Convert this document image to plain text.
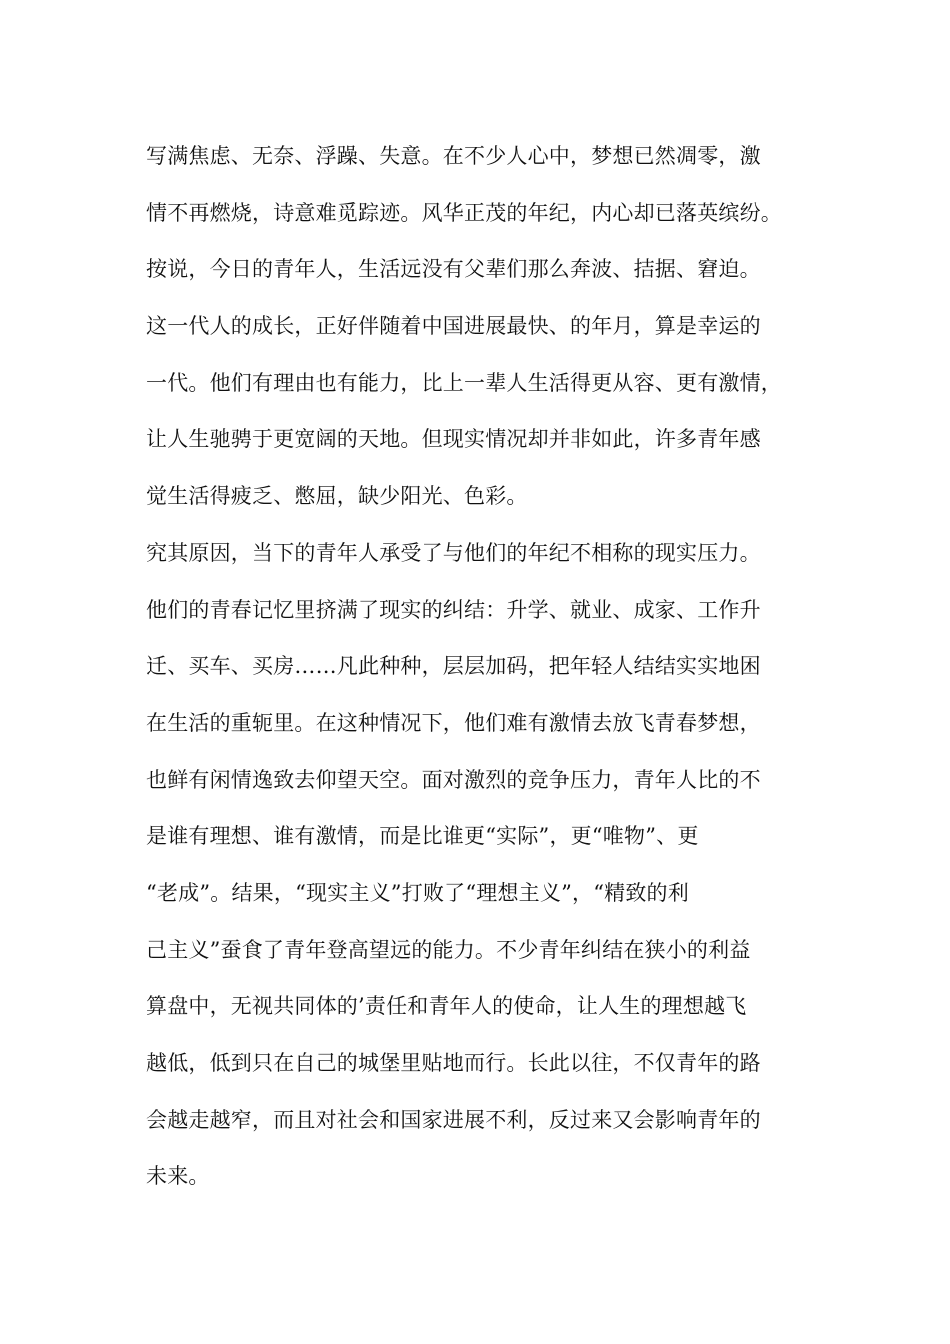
写满焦虑、无奈、浮躁、失意。在不少人心中，梦想已然凋零，激
情不再燃烧，诗意难觅踪迹。风华正茂的年纪，内心却已落英缤纷。
按说，今日的青年人，生活远没有父辈们那么奔波、拮据、窘迫。
这一代人的成长，正好伴随着中国进展最快、的年月，算是幸运的
一代。他们有理由也有能力，比上一辈人生活得更从容、更有激情，
让人生驰骋于更宽阔的天地。但现实情况却并非如此，许多青年感
觉生活得疲乏、憋屈，缺少阳光、色彩。
究其原因，当下的青年人承受了与他们的年纪不相称的现实压力。
他们的青春记忆里挤满了现实的纠结：升学、就业、成家、工作升
迁、买车、买房……凡此种种，层层加码，把年轻人结结实实地困
在生活的重轭里。在这种情况下，他们难有激情去放飞青春梦想，
也鲜有闲情逸致去仰望天空。面对激烈的竞争压力，青年人比的不
是谁有理想、谁有激情，而是比谁更“实际”，更“唯物”、更
“老成”。结果，“现实主义”打败了“理想主义”，“精致的利
己主义”蚕食了青年登高望远的能力。不少青年纠结在狭小的利益
算盘中，无视共同体的’责任和青年人的使命，让人生的理想越飞
越低，低到只在自己的城堡里贴地而行。长此以往，不仅青年的路
会越走越窄，而且对社会和国家进展不利，反过来又会影响青年的
未来。
